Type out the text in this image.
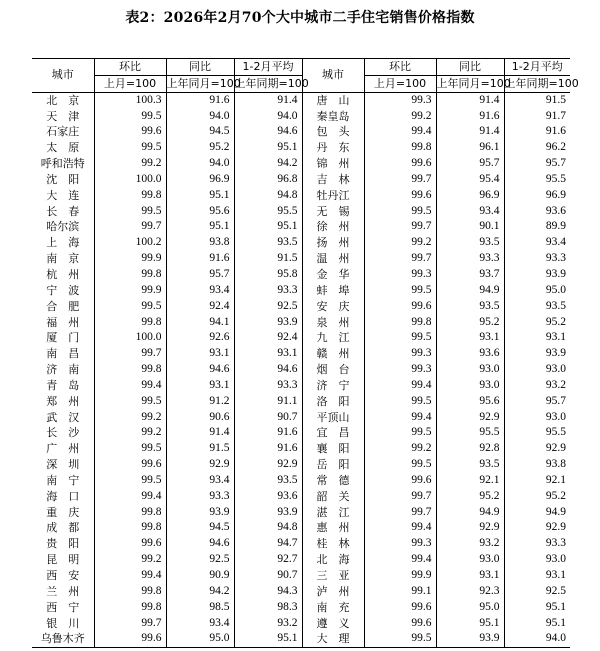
表2：2026年2月70个大中城市二手住宅销售价格指数
城市	环比	同比	1-2月平均	城市	环比	同比	1-2月平均
	上月=100	上年同月=100	上年同期=100		上月=100	上年同月=100	上年同期=100
北　京	100.3	91.6	91.4	唐　山	99.3	91.4	91.5
天　津	99.5	94.0	94.0	秦皇岛	99.2	91.6	91.7
石家庄	99.6	94.5	94.6	包　头	99.4	91.4	91.6
太　原	99.5	95.2	95.1	丹　东	99.8	96.1	96.2
呼和浩特	99.2	94.0	94.2	锦　州	99.6	95.7	95.7
沈　阳	100.0	96.9	96.8	吉　林	99.7	95.4	95.5
大　连	99.8	95.1	94.8	牡丹江	99.6	96.9	96.9
长　春	99.5	95.6	95.5	无　锡	99.5	93.4	93.6
哈尔滨	99.7	95.1	95.1	徐　州	99.7	90.1	89.9
上　海	100.2	93.8	93.5	扬　州	99.2	93.5	93.4
南　京	99.9	91.6	91.5	温　州	99.7	93.3	93.3
杭　州	99.8	95.7	95.8	金　华	99.3	93.7	93.9
宁　波	99.9	93.4	93.3	蚌　埠	99.5	94.9	95.0
合　肥	99.5	92.4	92.5	安　庆	99.6	93.5	93.5
福　州	99.8	94.1	93.9	泉　州	99.8	95.2	95.2
厦　门	100.0	92.6	92.4	九　江	99.5	93.1	93.1
南　昌	99.7	93.1	93.1	赣　州	99.3	93.6	93.9
济　南	99.8	94.6	94.6	烟　台	99.3	93.0	93.0
青　岛	99.4	93.1	93.3	济　宁	99.4	93.0	93.2
郑　州	99.5	91.2	91.1	洛　阳	99.5	95.6	95.7
武　汉	99.2	90.6	90.7	平顶山	99.4	92.9	93.0
长　沙	99.2	91.4	91.6	宜　昌	99.5	95.5	95.5
广　州	99.5	91.5	91.6	襄　阳	99.2	92.8	92.9
深　圳	99.6	92.9	92.9	岳　阳	99.5	93.5	93.8
南　宁	99.5	93.4	93.5	常　德	99.6	92.1	92.1
海　口	99.4	93.3	93.6	韶　关	99.7	95.2	95.2
重　庆	99.8	93.9	93.9	湛　江	99.7	94.9	94.9
成　都	99.8	94.5	94.8	惠　州	99.4	92.9	92.9
贵　阳	99.6	94.6	94.7	桂　林	99.3	93.2	93.3
昆　明	99.2	92.5	92.7	北　海	99.4	93.0	93.0
西　安	99.4	90.9	90.7	三　亚	99.9	93.1	93.1
兰　州	99.8	94.2	94.3	泸　州	99.1	92.3	92.5
西　宁	99.8	98.5	98.3	南　充	99.6	95.0	95.1
银　川	99.7	93.4	93.2	遵　义	99.6	95.1	95.1
乌鲁木齐	99.6	95.0	95.1	大　理	99.5	93.9	94.0
